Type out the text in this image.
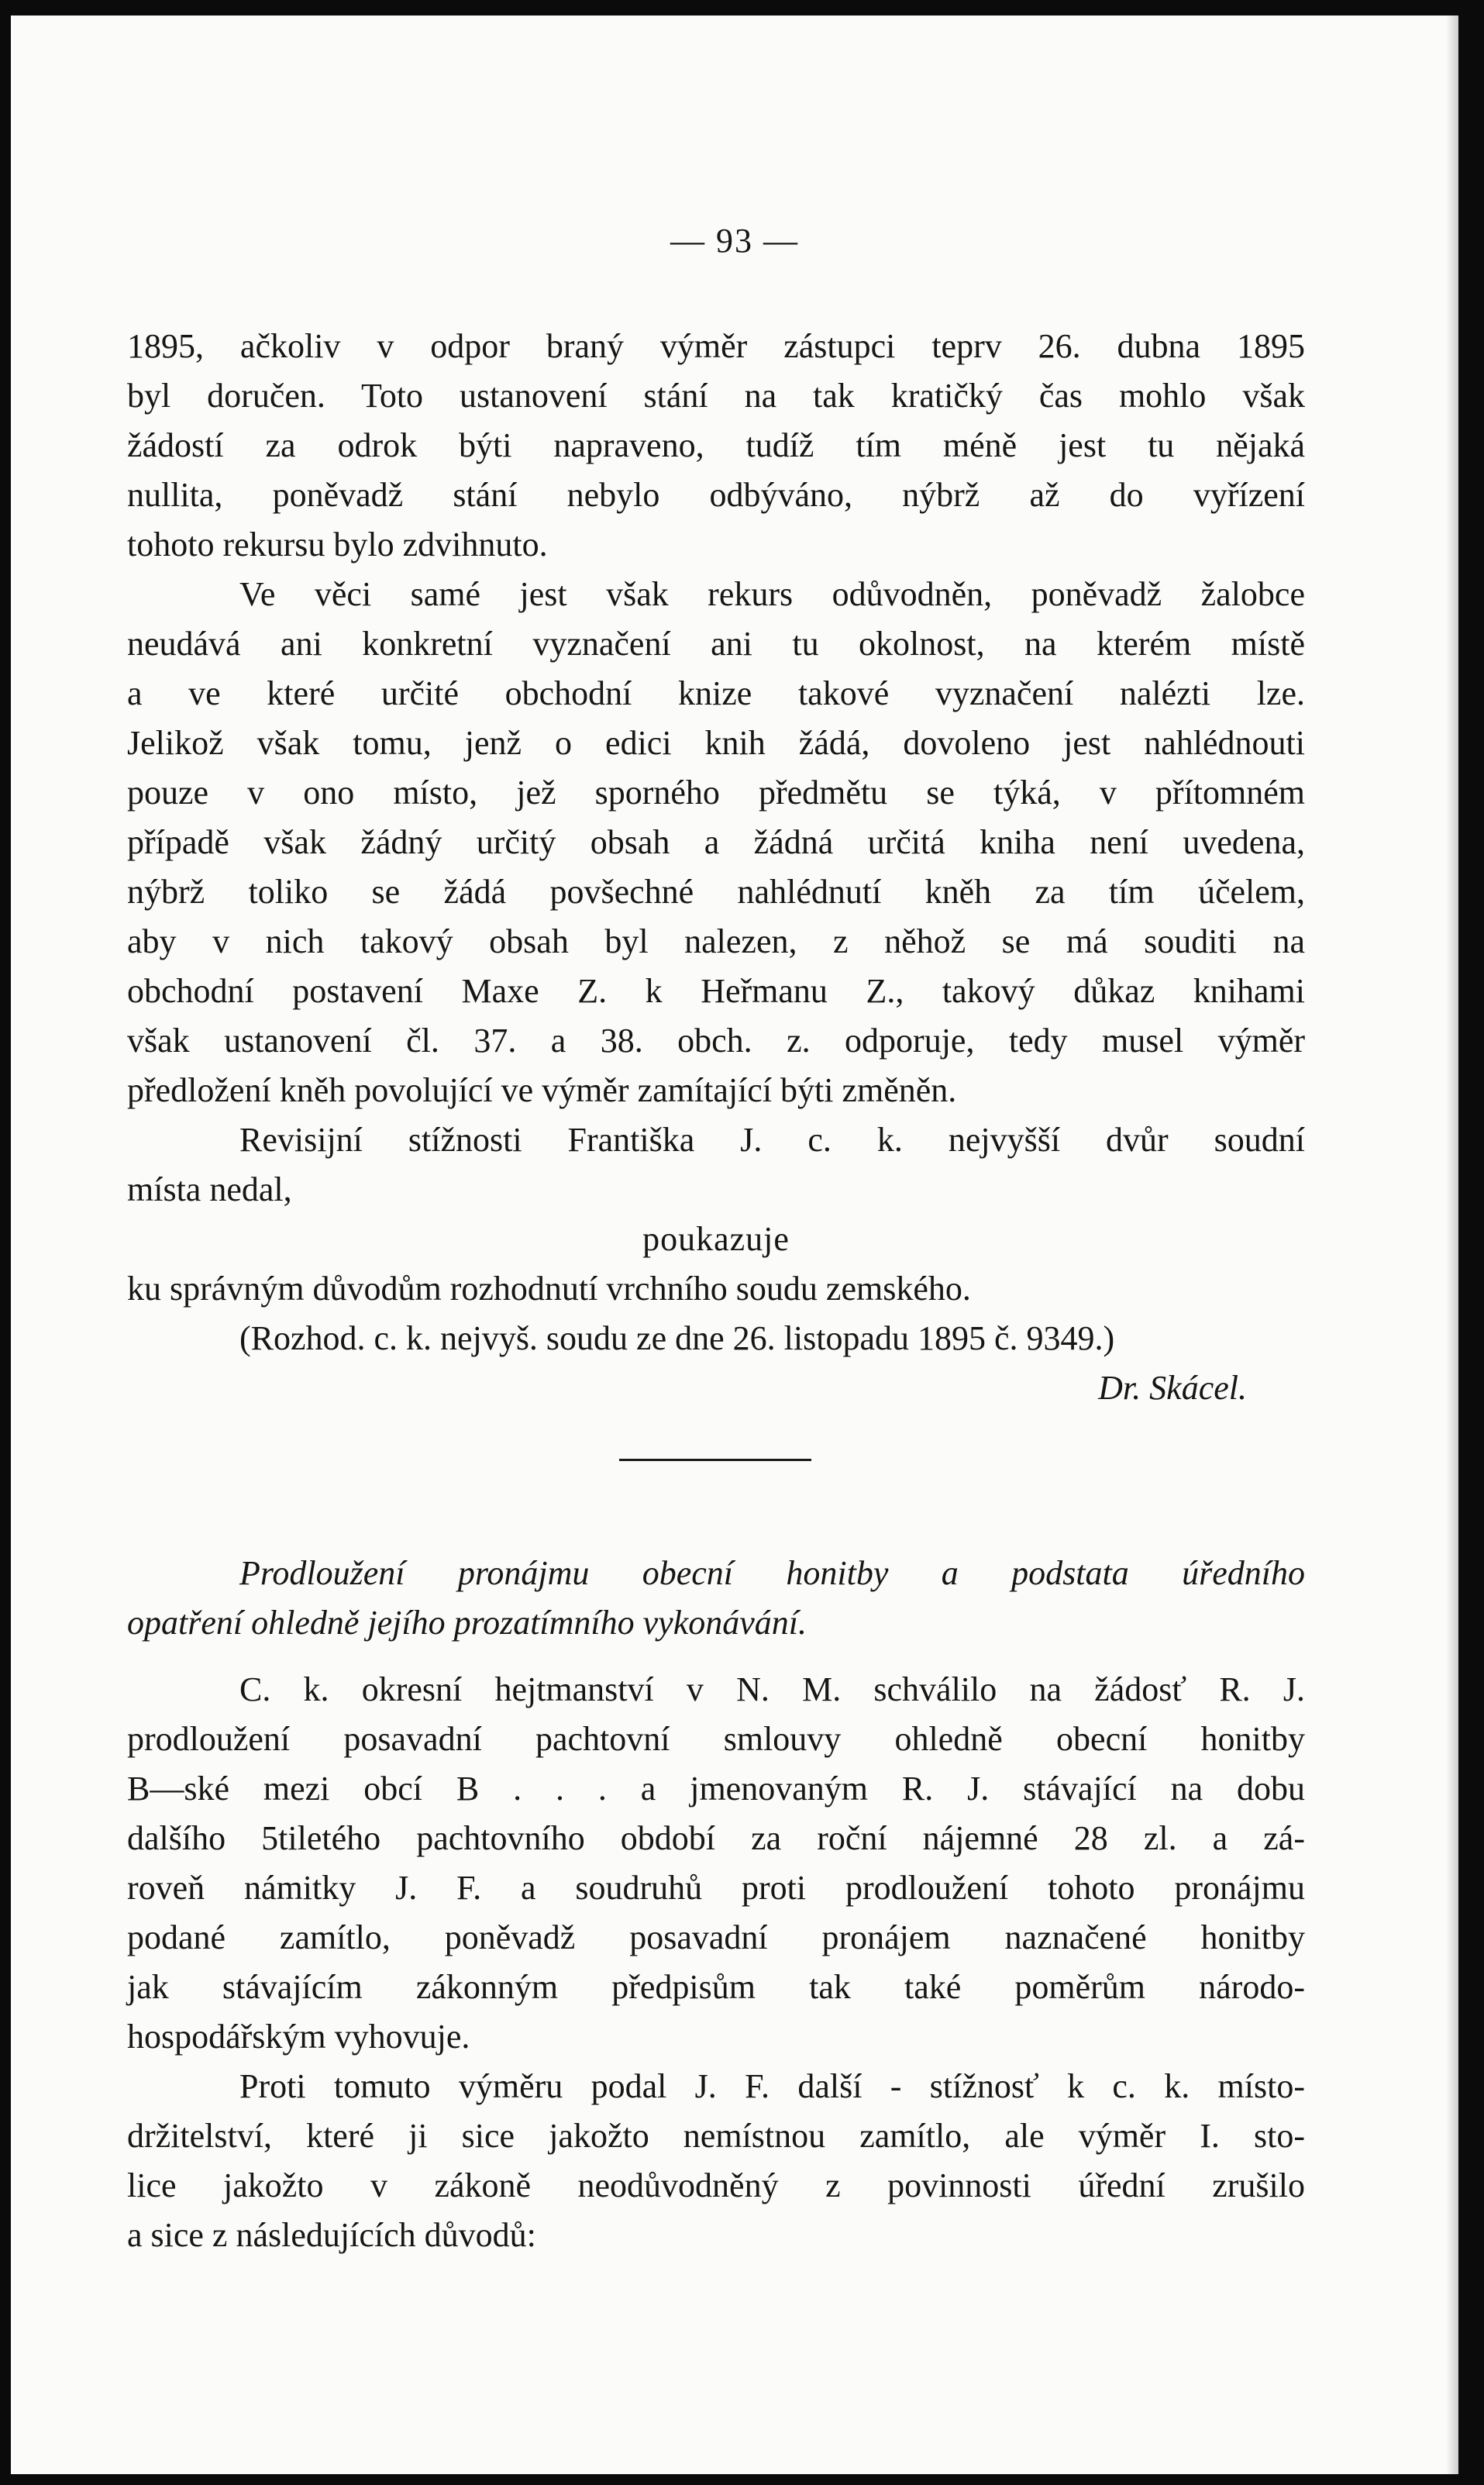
— 93 —
1895, ačkoliv v odpor braný výměr zástupci teprv 26. dubna 1895
byl doručen. Toto ustanovení stání na tak kratičký čas mohlo však
žádostí za odrok býti napraveno, tudíž tím méně jest tu nějaká
nullita, poněvadž stání nebylo odbýváno, nýbrž až do vyřízení
tohoto rekursu bylo zdvihnuto.
Ve věci samé jest však rekurs odůvodněn, poněvadž žalobce
neudává ani konkretní vyznačení ani tu okolnost, na kterém místě
a ve které určité obchodní knize takové vyznačení nalézti lze.
Jelikož však tomu, jenž o edici knih žádá, dovoleno jest nahlédnouti
pouze v ono místo, jež sporného předmětu se týká, v přítomném
případě však žádný určitý obsah a žádná určitá kniha není uvedena,
nýbrž toliko se žádá povšechné nahlédnutí kněh za tím účelem,
aby v nich takový obsah byl nalezen, z něhož se má souditi na
obchodní postavení Maxe Z. k Heřmanu Z., takový důkaz knihami
však ustanovení čl. 37. a 38. obch. z. odporuje, tedy musel výměr
předložení kněh povolující ve výměr zamítající býti změněn.
Revisijní stížnosti Františka J. c. k. nejvyšší dvůr soudní
místa nedal,
poukazuje
ku správným důvodům rozhodnutí vrchního soudu zemského.
(Rozhod. c. k. nejvyš. soudu ze dne 26. listopadu 1895 č. 9349.)
Dr. Skácel.
Prodloužení pronájmu obecní honitby a podstata úředního
opatření ohledně jejího prozatímního vykonávání.
C. k. okresní hejtmanství v N. M. schválilo na žádosť R. J.
prodloužení posavadní pachtovní smlouvy ohledně obecní honitby
B—ské mezi obcí B . . . a jmenovaným R. J. stávající na dobu
dalšího 5tiletého pachtovního období za roční nájemné 28 zl. a zá-
roveň námitky J. F. a soudruhů proti prodloužení tohoto pronájmu
podané zamítlo, poněvadž posavadní pronájem naznačené honitby
jak stávajícím zákonným předpisům tak také poměrům národo-
hospodářským vyhovuje.
Proti tomuto výměru podal J. F. další - stížnosť k c. k. místo-
držitelství, které ji sice jakožto nemístnou zamítlo, ale výměr I. sto-
lice jakožto v zákoně neodůvodněný z povinnosti úřední zrušilo
a sice z následujících důvodů:
